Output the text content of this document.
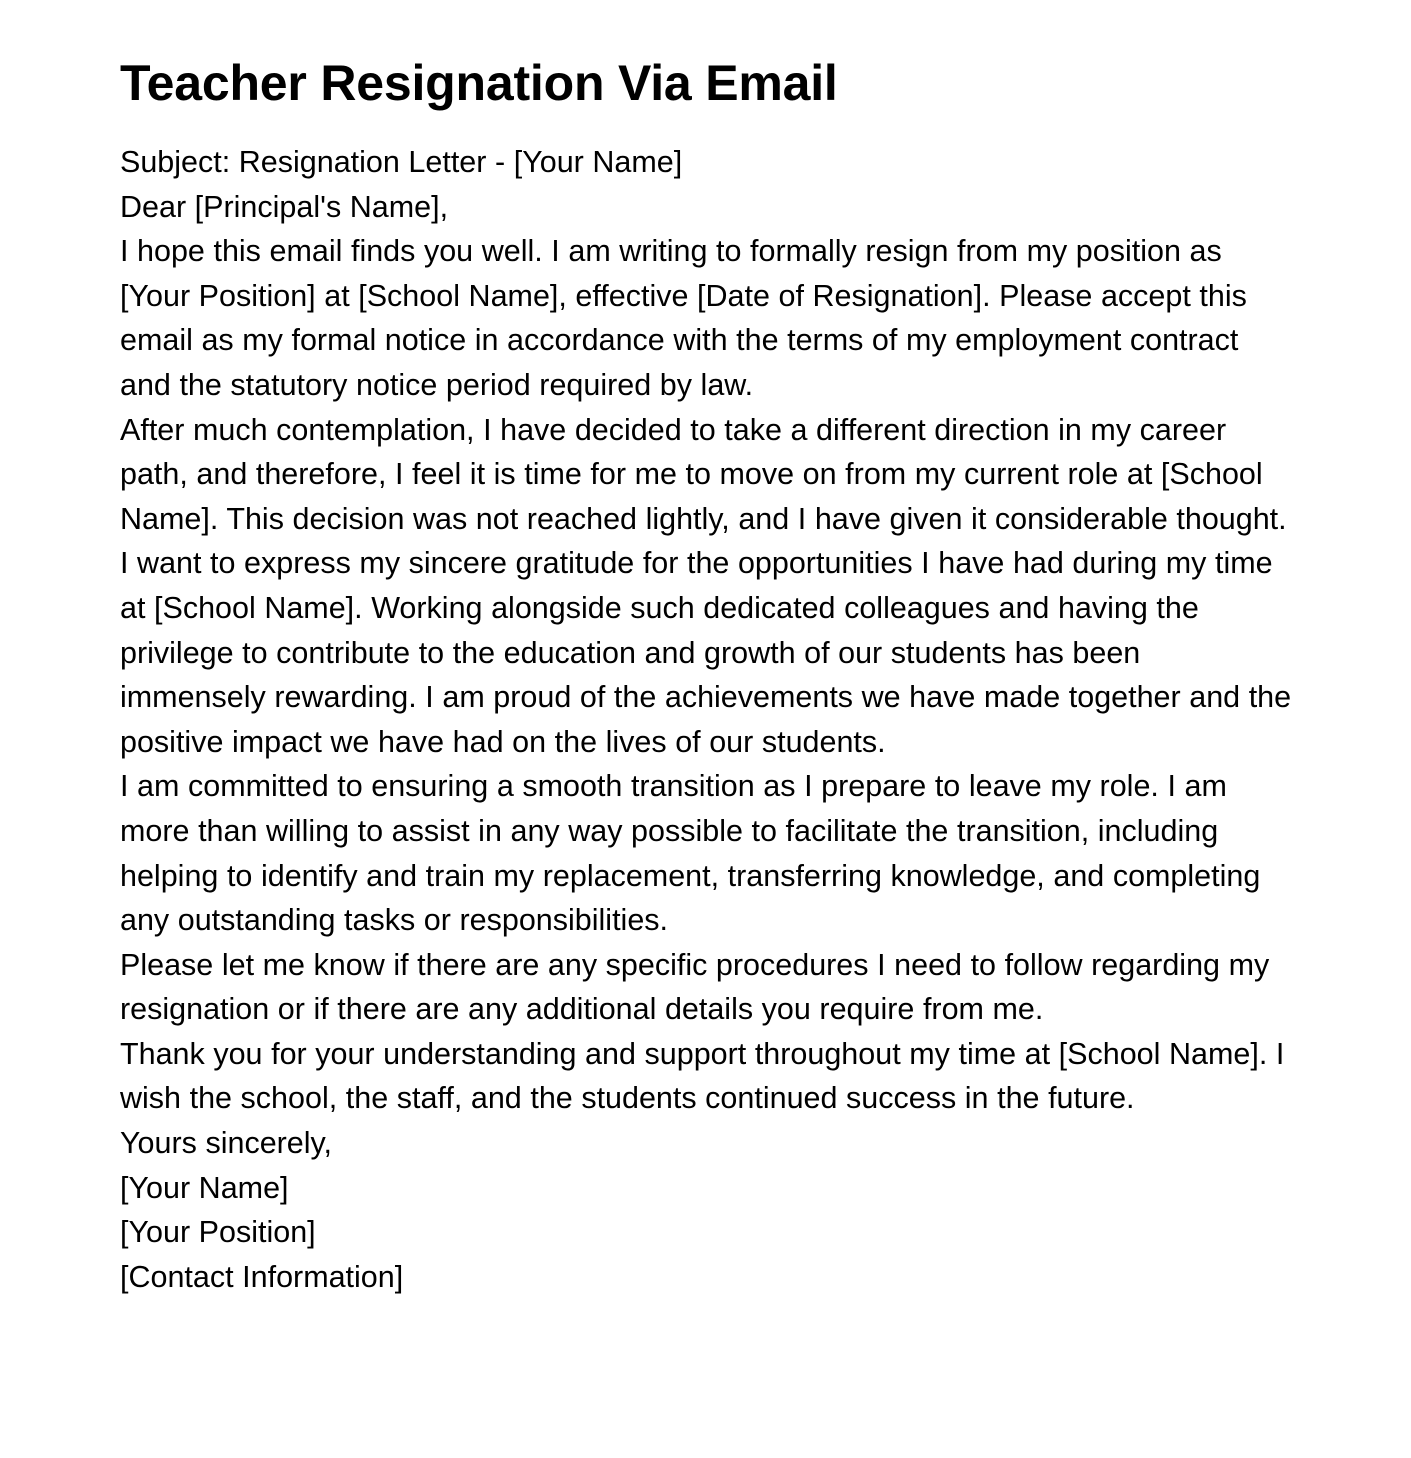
Teacher Resignation Via Email

Subject: Resignation Letter - [Your Name]

Dear [Principal's Name],

I hope this email finds you well. I am writing to formally resign from my position as [Your Position] at [School Name], effective [Date of Resignation]. Please accept this email as my formal notice in accordance with the terms of my employment contract and the statutory notice period required by law.

After much contemplation, I have decided to take a different direction in my career path, and therefore, I feel it is time for me to move on from my current role at [School Name]. This decision was not reached lightly, and I have given it considerable thought.

I want to express my sincere gratitude for the opportunities I have had during my time at [School Name]. Working alongside such dedicated colleagues and having the privilege to contribute to the education and growth of our students has been immensely rewarding. I am proud of the achievements we have made together and the positive impact we have had on the lives of our students.

I am committed to ensuring a smooth transition as I prepare to leave my role. I am more than willing to assist in any way possible to facilitate the transition, including helping to identify and train my replacement, transferring knowledge, and completing any outstanding tasks or responsibilities.

Please let me know if there are any specific procedures I need to follow regarding my resignation or if there are any additional details you require from me.

Thank you for your understanding and support throughout my time at [School Name]. I wish the school, the staff, and the students continued success in the future.

Yours sincerely,

[Your Name]

[Your Position]

[Contact Information]
